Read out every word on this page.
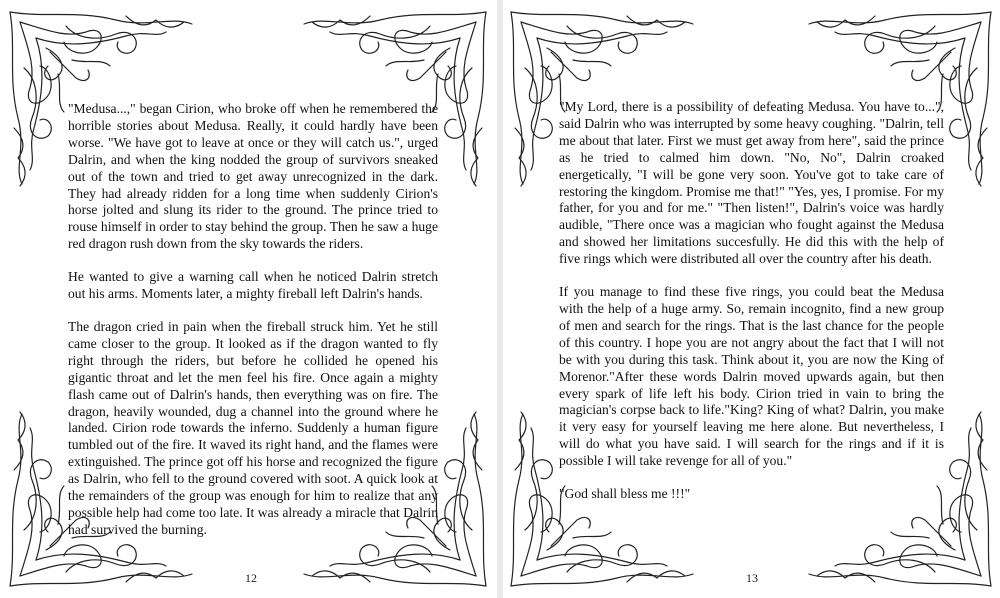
"Medusa...," began Cirion, who broke off when he remembered the horrible stories about Medusa. Really, it could hardly have been worse. "We have got to leave at once or they will catch us.", urged Dalrin, and when the king nodded the group of survivors sneaked out of the town and tried to get away unrecognized in the dark. They had already ridden for a long time when suddenly Cirion's horse jolted and slung its rider to the ground. The prince tried to rouse himself in order to stay behind the group. Then he saw a huge red dragon rush down from the sky towards the riders.

He wanted to give a warning call when he noticed Dalrin stretch out his arms. Moments later, a mighty fireball left Dalrin's hands.

The dragon cried in pain when the fireball struck him. Yet he still came closer to the group. It looked as if the dragon wanted to fly right through the riders, but before he collided he opened his gigantic throat and let the men feel his fire. Once again a mighty flash came out of Dalrin's hands, then everything was on fire. The dragon, heavily wounded, dug a channel into the ground where he landed. Cirion rode towards the inferno. Suddenly a human figure tumbled out of the fire. It waved its right hand, and the flames were extinguished. The prince got off his horse and recognized the figure as Dalrin, who fell to the ground covered with soot. A quick look at the remainders of the group was enough for him to realize that any possible help had come too late. It was already a miracle that Dalrin had survived the burning.

12

"My Lord, there is a possibility of defeating Medusa. You have to...", said Dalrin who was interrupted by some heavy coughing. "Dalrin, tell me about that later. First we must get away from here", said the prince as he tried to calmed him down. "No, No", Dalrin croaked energetically, "I will be gone very soon. You've got to take care of restoring the kingdom. Promise me that!" "Yes, yes, I promise. For my father, for you and for me." "Then listen!", Dalrin's voice was hardly audible, "There once was a magician who fought against the Medusa and showed her limitations succesfully. He did this with the help of five rings which were distributed all over the country after his death.

If you manage to find these five rings, you could beat the Medusa with the help of a huge army. So, remain incognito, find a new group of men and search for the rings. That is the last chance for the people of this country. I hope you are not angry about the fact that I will not be with you during this task. Think about it, you are now the King of Morenor."After these words Dalrin moved upwards again, but then every spark of life left his body. Cirion tried in vain to bring the magician's corpse back to life."King? King of what? Dalrin, you make it very easy for yourself leaving me here alone. But nevertheless, I will do what you have said. I will search for the rings and if it is possible I will take revenge for all of you."

"God shall bless me !!!"

13
